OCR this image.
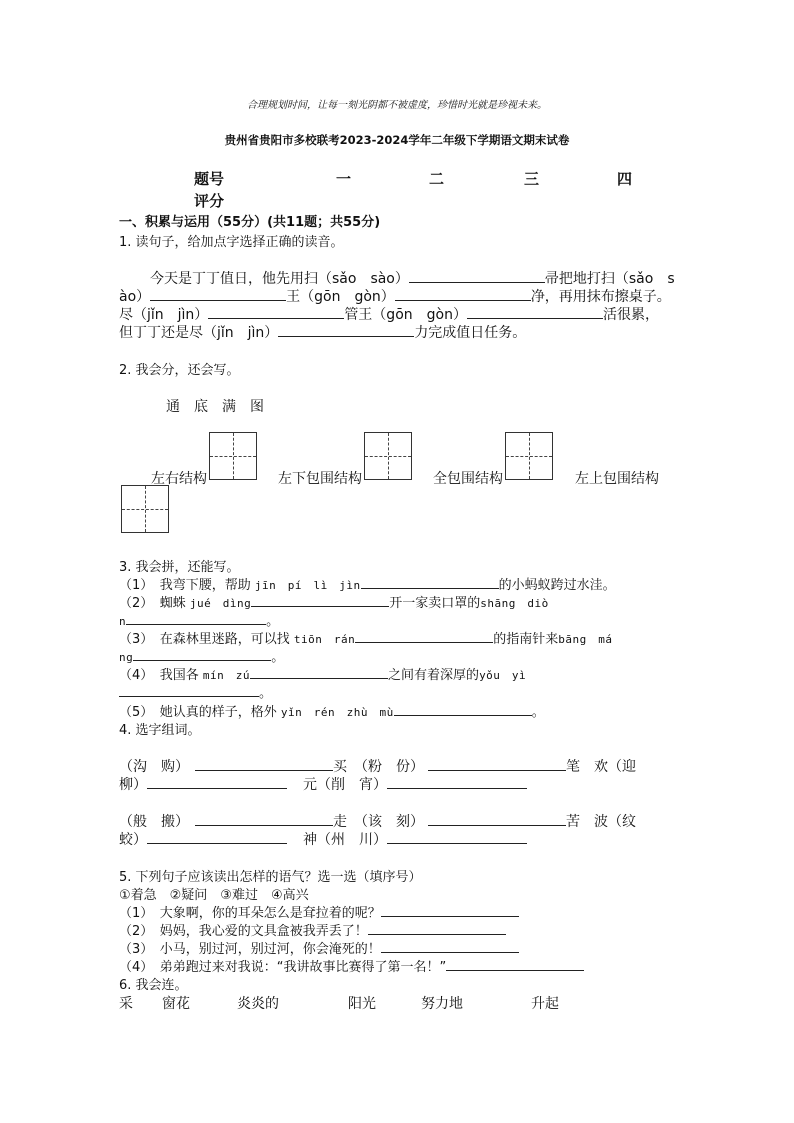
合理规划时间，让每一刻光阴都不被虚度，珍惜时光就是珍视未来。
贵州省贵阳市多校联考2023-2024学年二年级下学期语文期末试卷
题号	一	二	三	四
评分
一、积累与运用（55分）(共11题；共55分)
1. 读句子，给加点字选择正确的读音。
今天是丁丁值日，他先用扫（sǎo　sào）	帚把地打扫（sǎo　s
ào）	王（gōn　gòn）	净，再用抹布擦桌子。
尽（jǐn　jìn）	管王（gōn　gòn）	活很累，
但丁丁还是尽（jǐn　jìn）	力完成值日任务。
2. 我会分，还会写。
通　底　满　图
左右结构	左下包围结构	全包围结构	左上包围结构
3. 我会拼，还能写。
（1）　我弯下腰，帮助 jīn　pí　lì　jìn	的小蚂蚁跨过水洼。
（2）　蜘蛛 jué　dìng	开一家卖口罩的shāng　diò
n	。
（3）　在森林里迷路，可以找 tiōn　rán	的指南针来bāng　má
ng	。
（4）　我国各 mín　zú	之间有着深厚的yǒu　yì
。
（5）　她认真的样子，格外 yǐn　rén　zhù　mù	。
4. 选字组词。
（沟　购）	买　（粉　份）	笔　欢（迎
柳）	元（削　宵）
（般　搬）	走　（该　刻）	苦　波（纹
蛟）	神（州　川）
5. 下列句子应该读出怎样的语气？选一选（填序号）
①着急　②疑问　③难过　④高兴
（1）　大象啊，你的耳朵怎么是耷拉着的呢？
（2）　妈妈，我心爱的文具盒被我弄丢了！
（3）　小马，别过河，别过河，你会淹死的！
（4）　弟弟跑过来对我说：“我讲故事比赛得了第一名！”
6. 我会连。
采 窗花	炎炎的	阳光	努力地	升起
